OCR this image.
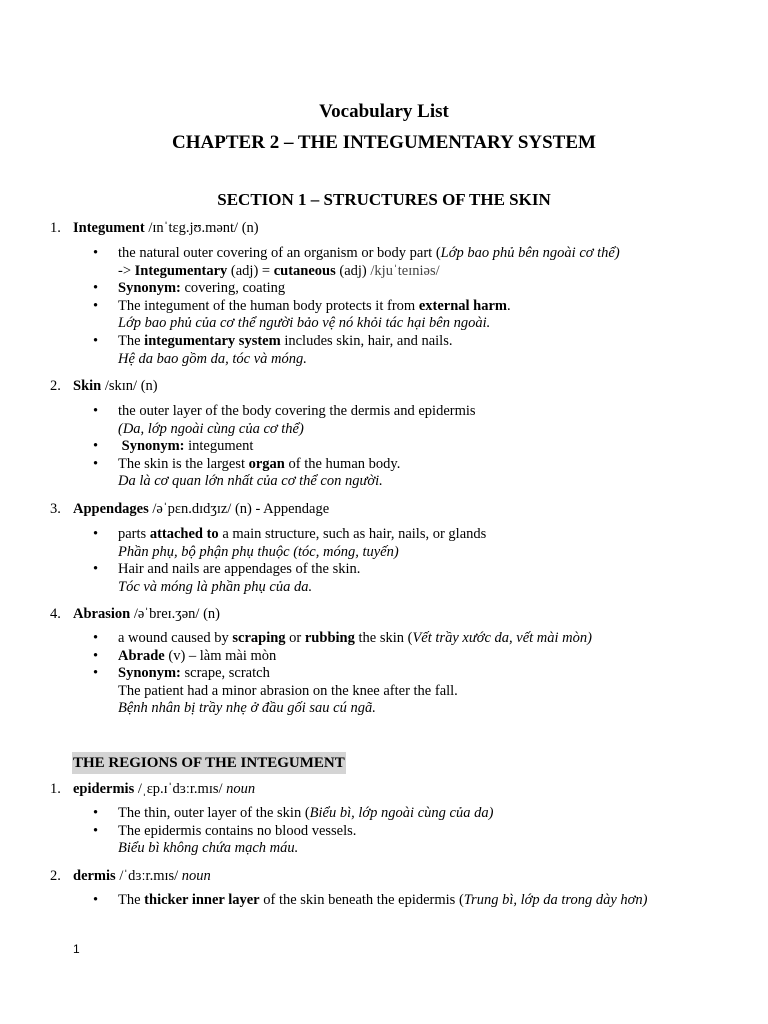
Vocabulary List
CHAPTER 2 – THE INTEGUMENTARY SYSTEM
SECTION 1 – STRUCTURES OF THE SKIN
1. Integument /ɪnˈtɛg.jʊ.mənt/ (n)
• the natural outer covering of an organism or body part (Lớp bao phủ bên ngoài cơ thể)
-> Integumentary (adj) = cutaneous (adj) /kjuˈteɪniəs/
• Synonym: covering, coating
• The integument of the human body protects it from external harm.
Lớp bao phủ của cơ thể người bảo vệ nó khỏi tác hại bên ngoài.
• The integumentary system includes skin, hair, and nails.
Hệ da bao gồm da, tóc và móng.
2. Skin /skɪn/ (n)
• the outer layer of the body covering the dermis and epidermis
(Da, lớp ngoài cùng của cơ thể)
• Synonym: integument
• The skin is the largest organ of the human body.
Da là cơ quan lớn nhất của cơ thể con người.
3. Appendages /əˈpɛn.dɪdʒɪz/ (n) - Appendage
• parts attached to a main structure, such as hair, nails, or glands
Phần phụ, bộ phận phụ thuộc (tóc, móng, tuyến)
• Hair and nails are appendages of the skin.
Tóc và móng là phần phụ của da.
4. Abrasion /əˈbreɪ.ʒən/ (n)
• a wound caused by scraping or rubbing the skin (Vết trầy xước da, vết mài mòn)
• Abrade (v) – làm mài mòn
• Synonym: scrape, scratch
The patient had a minor abrasion on the knee after the fall.
Bệnh nhân bị trầy nhẹ ở đầu gối sau cú ngã.
THE REGIONS OF THE INTEGUMENT
1. epidermis /ˌɛp.ɪˈdɜːr.mɪs/ noun
• The thin, outer layer of the skin (Biểu bì, lớp ngoài cùng của da)
• The epidermis contains no blood vessels.
Biểu bì không chứa mạch máu.
2. dermis /ˈdɜːr.mɪs/ noun
• The thicker inner layer of the skin beneath the epidermis (Trung bì, lớp da trong dày hơn)
1
